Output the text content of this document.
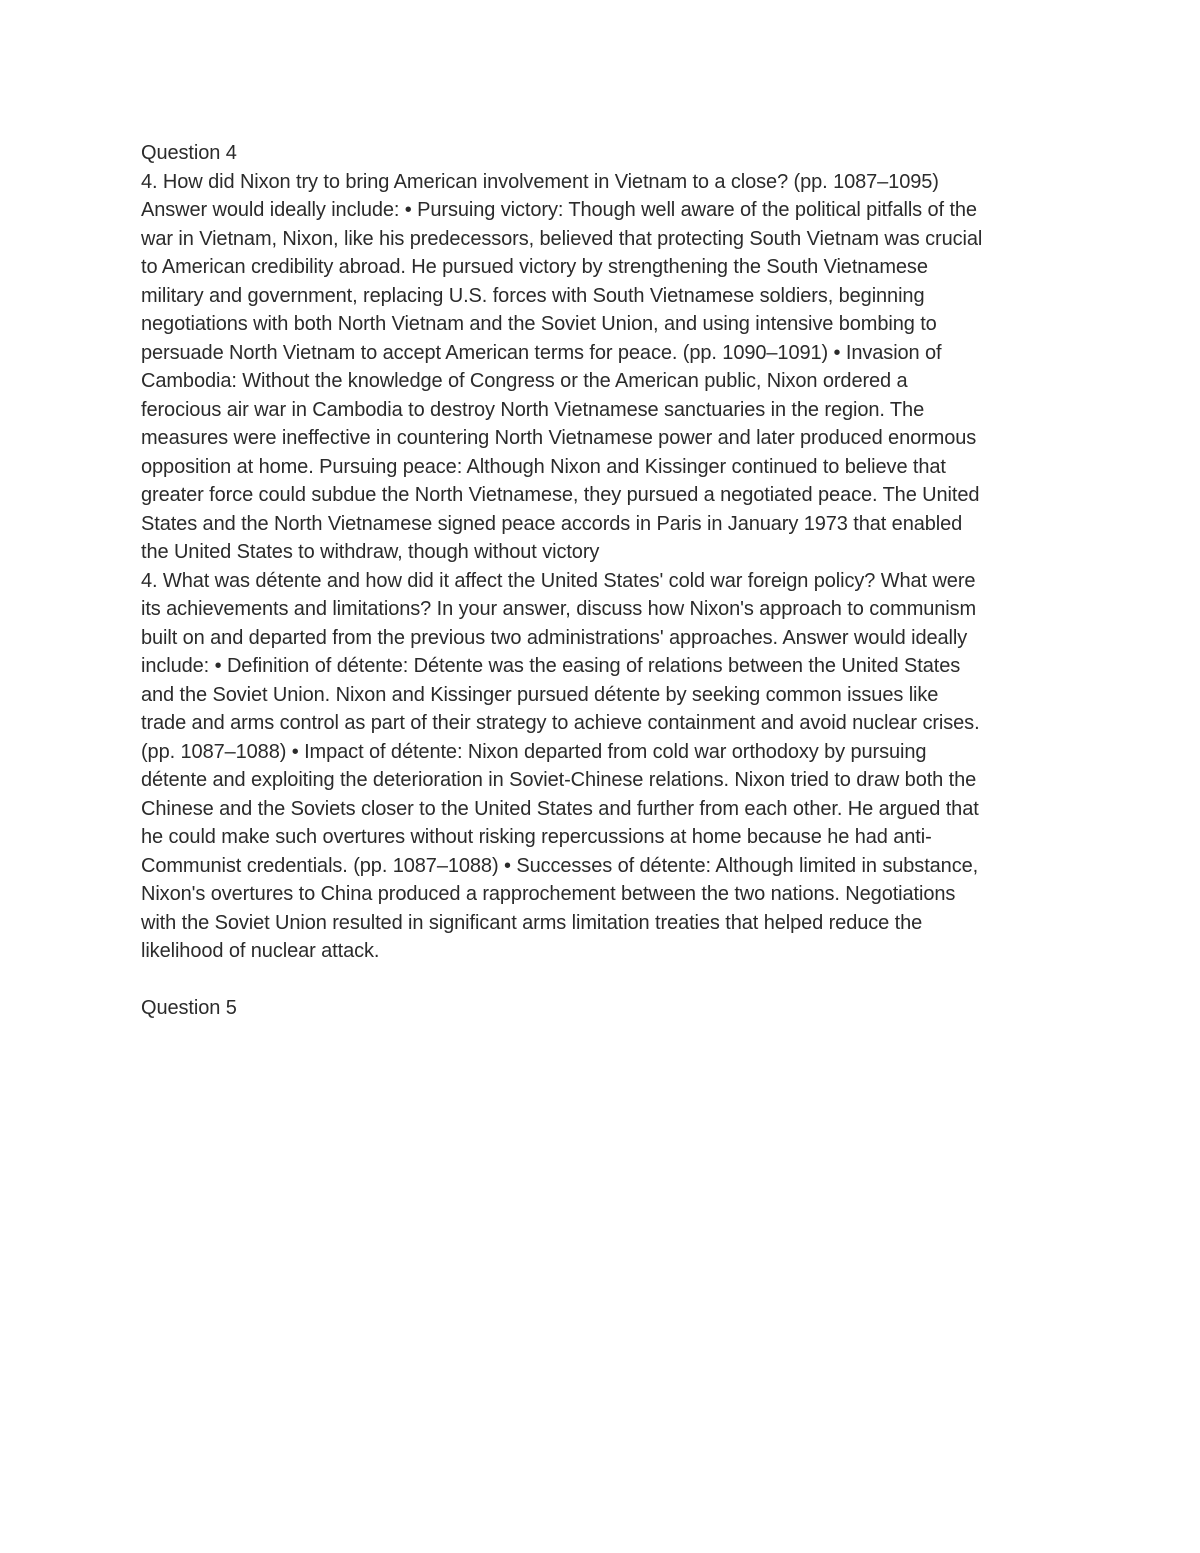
Question 4
4. How did Nixon try to bring American involvement in Vietnam to a close? (pp. 1087–1095)
Answer would ideally include: • Pursuing victory: Though well aware of the political pitfalls of the
war in Vietnam, Nixon, like his predecessors, believed that protecting South Vietnam was crucial
to American credibility abroad. He pursued victory by strengthening the South Vietnamese
military and government, replacing U.S. forces with South Vietnamese soldiers, beginning
negotiations with both North Vietnam and the Soviet Union, and using intensive bombing to
persuade North Vietnam to accept American terms for peace. (pp. 1090–1091) • Invasion of
Cambodia: Without the knowledge of Congress or the American public, Nixon ordered a
ferocious air war in Cambodia to destroy North Vietnamese sanctuaries in the region. The
measures were ineffective in countering North Vietnamese power and later produced enormous
opposition at home. Pursuing peace: Although Nixon and Kissinger continued to believe that
greater force could subdue the North Vietnamese, they pursued a negotiated peace. The United
States and the North Vietnamese signed peace accords in Paris in January 1973 that enabled
the United States to withdraw, though without victory
4. What was détente and how did it affect the United States' cold war foreign policy? What were
its achievements and limitations? In your answer, discuss how Nixon's approach to communism
built on and departed from the previous two administrations' approaches. Answer would ideally
include: • Definition of détente: Détente was the easing of relations between the United States
and the Soviet Union. Nixon and Kissinger pursued détente by seeking common issues like
trade and arms control as part of their strategy to achieve containment and avoid nuclear crises.
(pp. 1087–1088) • Impact of détente: Nixon departed from cold war orthodoxy by pursuing
détente and exploiting the deterioration in Soviet-Chinese relations. Nixon tried to draw both the
Chinese and the Soviets closer to the United States and further from each other. He argued that
he could make such overtures without risking repercussions at home because he had anti-
Communist credentials. (pp. 1087–1088) • Successes of détente: Although limited in substance,
Nixon's overtures to China produced a rapprochement between the two nations. Negotiations
with the Soviet Union resulted in significant arms limitation treaties that helped reduce the
likelihood of nuclear attack.
Question 5
